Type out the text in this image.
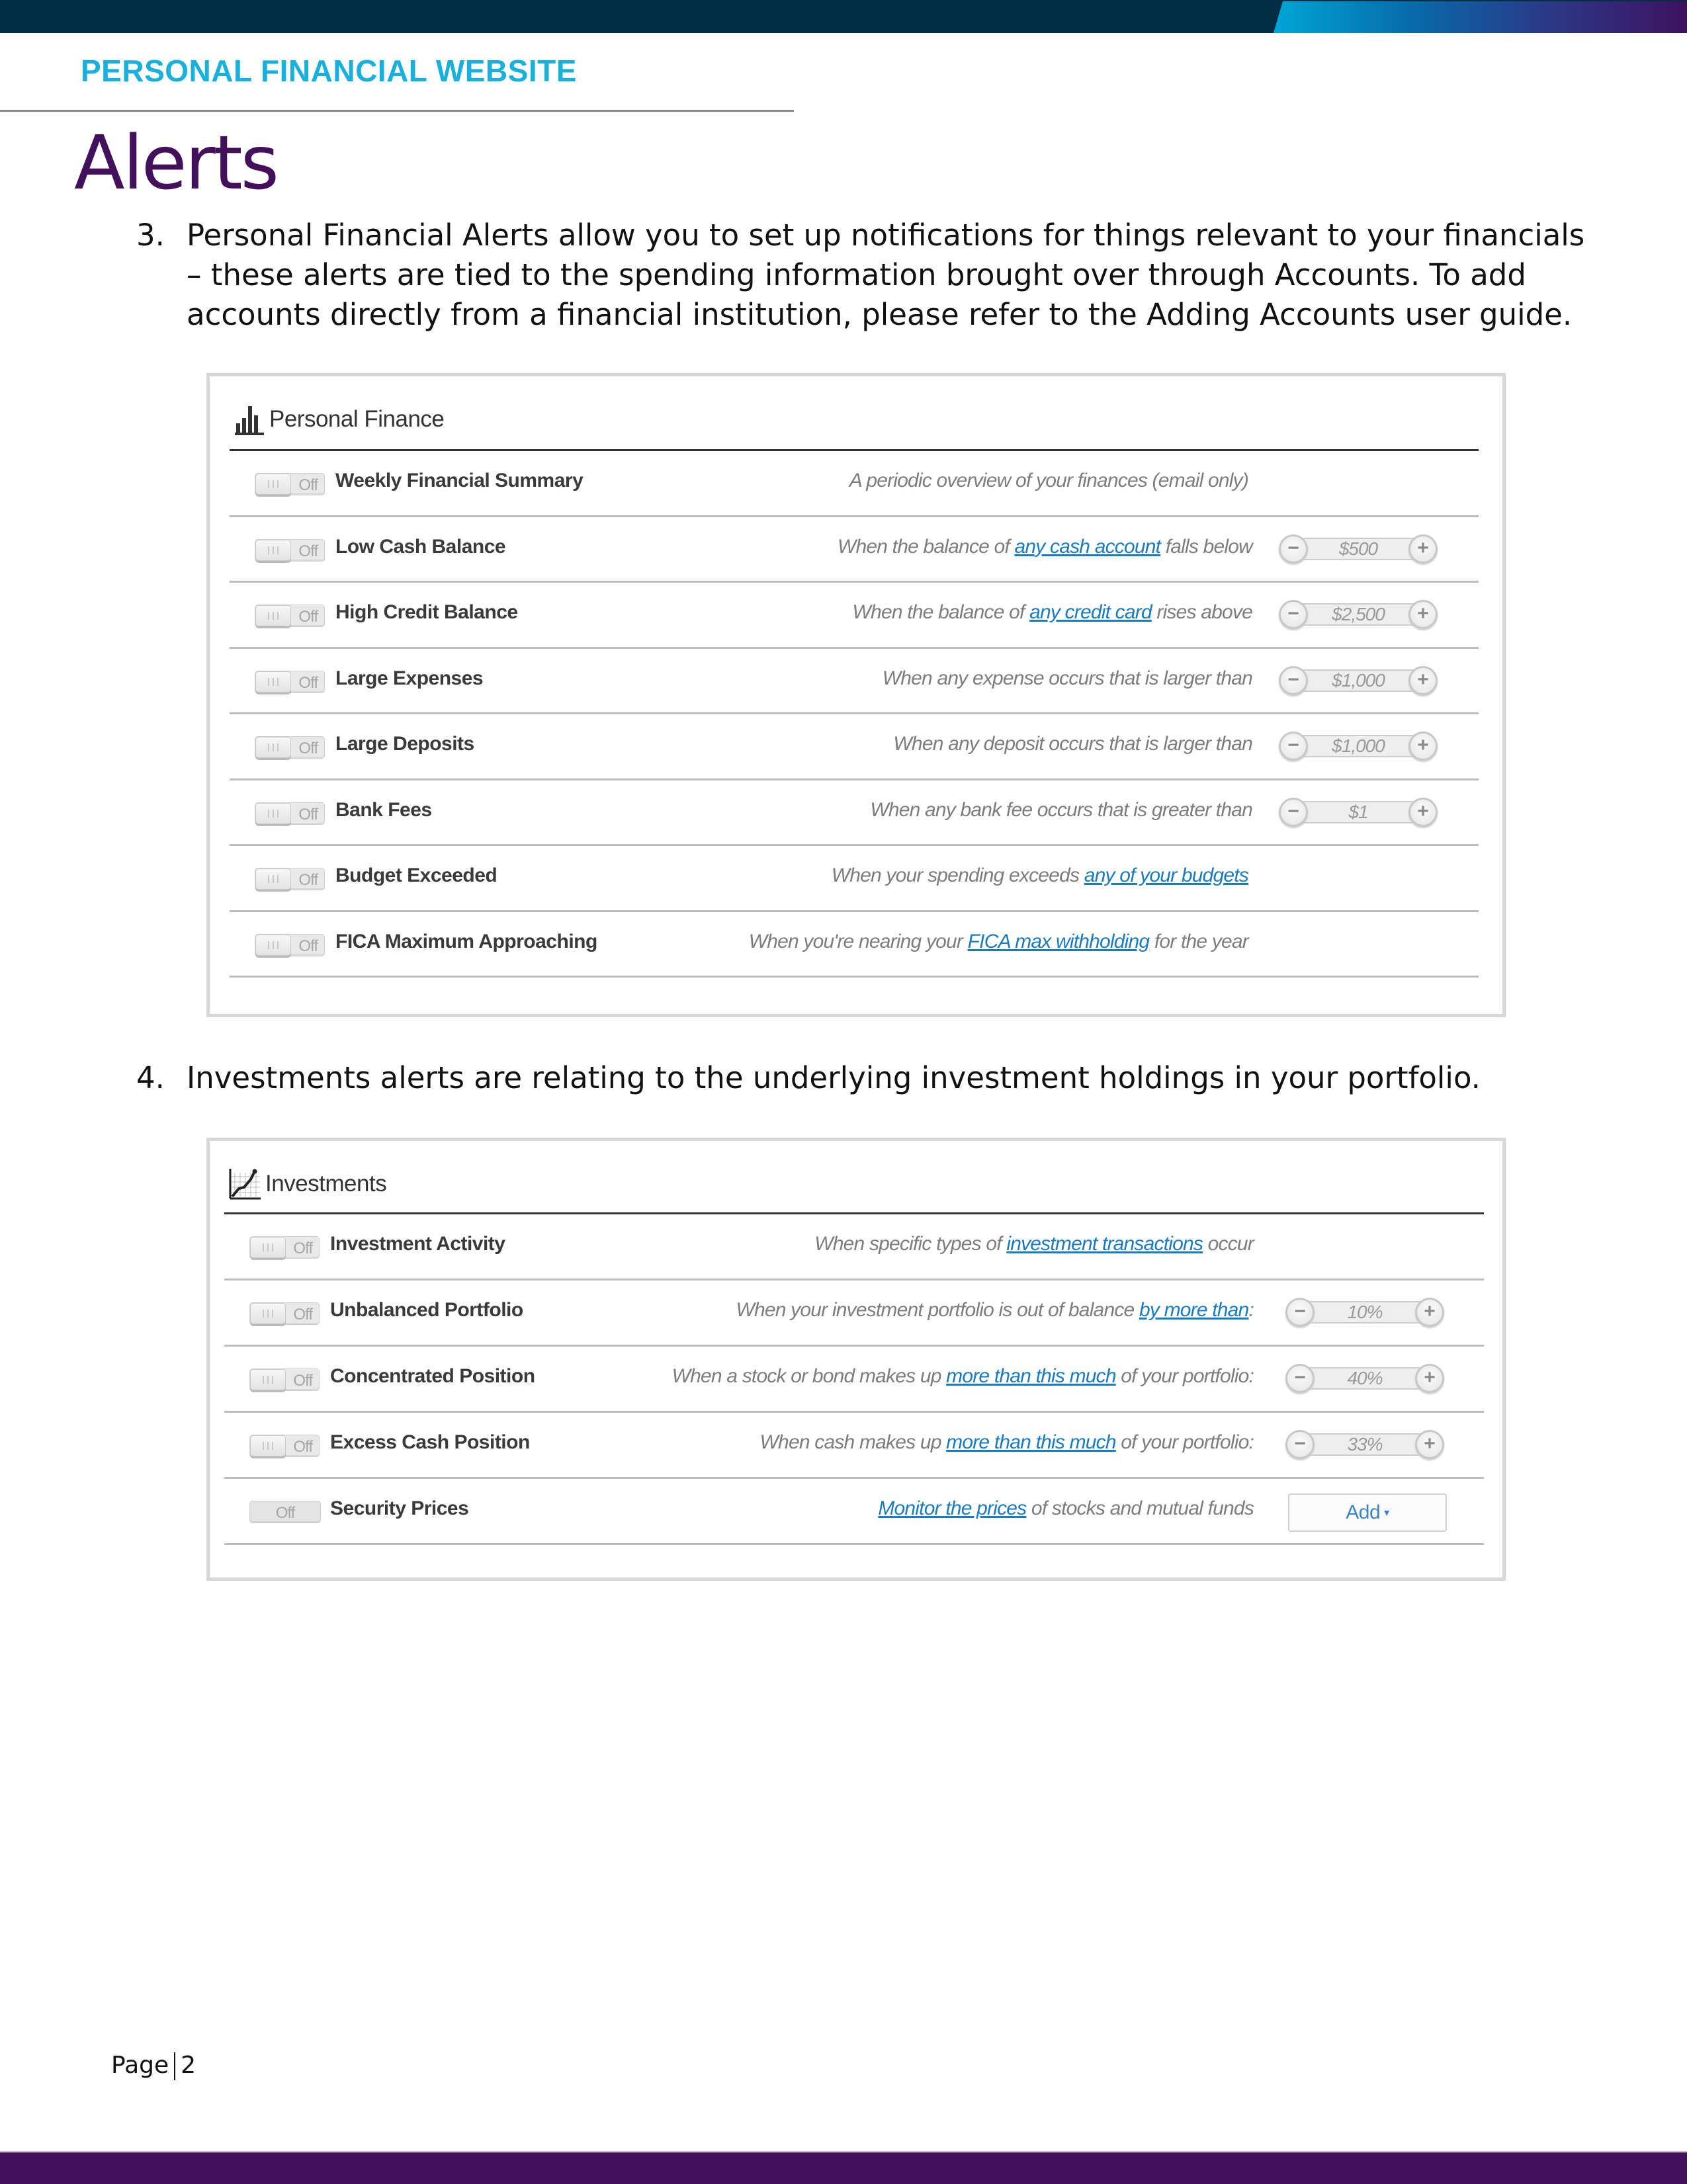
PERSONAL FINANCIAL WEBSITE
Alerts
3. Personal Financial Alerts allow you to set up notifications for things relevant to your financials – these alerts are tied to the spending information brought over through Accounts. To add accounts directly from a financial institution, please refer to the Adding Accounts user guide.
Personal Finance
Off Weekly Financial Summary	A periodic overview of your finances (email only)
Off Low Cash Balance	When the balance of any cash account falls below	−	$500	+
Off High Credit Balance	When the balance of any credit card rises above	−	$2,500	+
Off Large Expenses	When any expense occurs that is larger than	−	$1,000	+
Off Large Deposits	When any deposit occurs that is larger than	−	$1,000	+
Off Bank Fees	When any bank fee occurs that is greater than	−	$1	+
Off Budget Exceeded	When your spending exceeds any of your budgets
Off FICA Maximum Approaching	When you're nearing your FICA max withholding for the year
4. Investments alerts are relating to the underlying investment holdings in your portfolio.
Investments
Off Investment Activity	When specific types of investment transactions occur
Off Unbalanced Portfolio	When your investment portfolio is out of balance by more than:	−	10%	+
Off Concentrated Position	When a stock or bond makes up more than this much of your portfolio:	−	40%	+
Off Excess Cash Position	When cash makes up more than this much of your portfolio:	−	33%	+
Off	Security Prices	Monitor the prices of stocks and mutual funds	Add ▾
Page 2
